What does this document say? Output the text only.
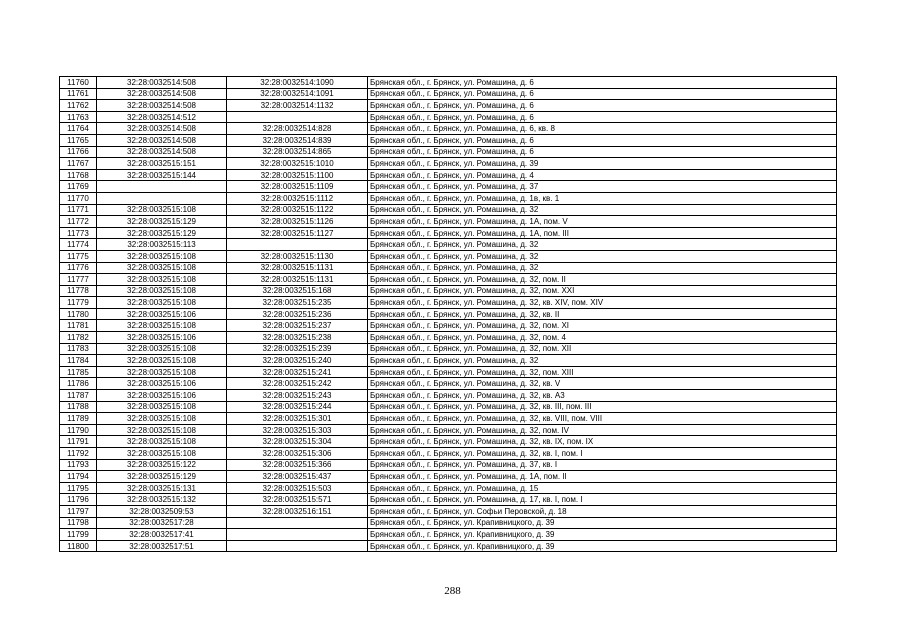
11760	32:28:0032514:508	32:28:0032514:1090	Брянская обл., г. Брянск, ул. Ромашина, д. 6
11761	32:28:0032514:508	32:28:0032514:1091	Брянская обл., г. Брянск, ул. Ромашина, д. 6
11762	32:28:0032514:508	32:28:0032514:1132	Брянская обл., г. Брянск, ул. Ромашина, д. 6
11763	32:28:0032514:512		Брянская обл., г. Брянск, ул. Ромашина, д. 6
11764	32:28:0032514:508	32:28:0032514:828	Брянская обл., г. Брянск, ул. Ромашина, д. 6, кв. 8
11765	32:28:0032514:508	32:28:0032514:839	Брянская обл., г. Брянск, ул. Ромашина, д. 6
11766	32:28:0032514:508	32:28:0032514:865	Брянская обл., г. Брянск, ул. Ромашина, д. 6
11767	32:28:0032515:151	32:28:0032515:1010	Брянская обл., г. Брянск, ул. Ромашина, д. 39
11768	32:28:0032515:144	32:28:0032515:1100	Брянская обл., г. Брянск, ул. Ромашина, д. 4
11769		32:28:0032515:1109	Брянская обл., г. Брянск, ул. Ромашина, д. 37
11770		32:28:0032515:1112	Брянская обл., г. Брянск, ул. Ромашина, д. 1в, кв. 1
11771	32:28:0032515:108	32:28:0032515:1122	Брянская обл., г. Брянск, ул. Ромашина, д. 32
11772	32:28:0032515:129	32:28:0032515:1126	Брянская обл., г. Брянск, ул. Ромашина, д. 1А, пом. V
11773	32:28:0032515:129	32:28:0032515:1127	Брянская обл., г. Брянск, ул. Ромашина, д. 1А, пом. III
11774	32:28:0032515:113		Брянская обл., г. Брянск, ул. Ромашина, д. 32
11775	32:28:0032515:108	32:28:0032515:1130	Брянская обл., г. Брянск, ул. Ромашина, д. 32
11776	32:28:0032515:108	32:28:0032515:1131	Брянская обл., г. Брянск, ул. Ромашина, д. 32
11777	32:28:0032515:108	32:28:0032515:1131	Брянская обл., г. Брянск, ул. Ромашина, д. 32, пом. II
11778	32:28:0032515:108	32:28:0032515:168	Брянская обл., г. Брянск, ул. Ромашина, д. 32, пом. XXI
11779	32:28:0032515:108	32:28:0032515:235	Брянская обл., г. Брянск, ул. Ромашина, д. 32, кв. XIV, пом. XIV
11780	32:28:0032515:106	32:28:0032515:236	Брянская обл., г. Брянск, ул. Ромашина, д. 32, кв. II
11781	32:28:0032515:108	32:28:0032515:237	Брянская обл., г. Брянск, ул. Ромашина, д. 32, пом. XI
11782	32:28:0032515:106	32:28:0032515:238	Брянская обл., г. Брянск, ул. Ромашина, д. 32, пом. 4
11783	32:28:0032515:108	32:28:0032515:239	Брянская обл., г. Брянск, ул. Ромашина, д. 32, пом. XII
11784	32:28:0032515:108	32:28:0032515:240	Брянская обл., г. Брянск, ул. Ромашина, д. 32
11785	32:28:0032515:108	32:28:0032515:241	Брянская обл., г. Брянск, ул. Ромашина, д. 32, пом. XIII
11786	32:28:0032515:106	32:28:0032515:242	Брянская обл., г. Брянск, ул. Ромашина, д. 32, кв. V
11787	32:28:0032515:106	32:28:0032515:243	Брянская обл., г. Брянск, ул. Ромашина, д. 32, кв. А3
11788	32:28:0032515:108	32:28:0032515:244	Брянская обл., г. Брянск, ул. Ромашина, д. 32, кв. III, пом. III
11789	32:28:0032515:108	32:28:0032515:301	Брянская обл., г. Брянск, ул. Ромашина, д. 32, кв. VIII, пом. VIII
11790	32:28:0032515:108	32:28:0032515:303	Брянская обл., г. Брянск, ул. Ромашина, д. 32, пом. IV
11791	32:28:0032515:108	32:28:0032515:304	Брянская обл., г. Брянск, ул. Ромашина, д. 32, кв. IX, пом. IX
11792	32:28:0032515:108	32:28:0032515:306	Брянская обл., г. Брянск, ул. Ромашина, д. 32, кв. I, пом. I
11793	32:28:0032515:122	32:28:0032515:366	Брянская обл., г. Брянск, ул. Ромашина, д. 37, кв. I
11794	32:28:0032515:129	32:28:0032515:437	Брянская обл., г. Брянск, ул. Ромашина, д. 1А, пом. II
11795	32:28:0032515:131	32:28:0032515:503	Брянская обл., г. Брянск, ул. Ромашина, д. 15
11796	32:28:0032515:132	32:28:0032515:571	Брянская обл., г. Брянск, ул. Ромашина, д. 17, кв. I, пом. I
11797	32:28:0032509:53	32:28:0032516:151	Брянская обл., г. Брянск, ул. Софьи Перовской, д. 18
11798	32:28:0032517:28		Брянская обл., г. Брянск, ул. Крапивницкого, д. 39
11799	32:28:0032517:41		Брянская обл., г. Брянск, ул. Крапивницкого, д. 39
11800	32:28:0032517:51		Брянская обл., г. Брянск, ул. Крапивницкого, д. 39
288
